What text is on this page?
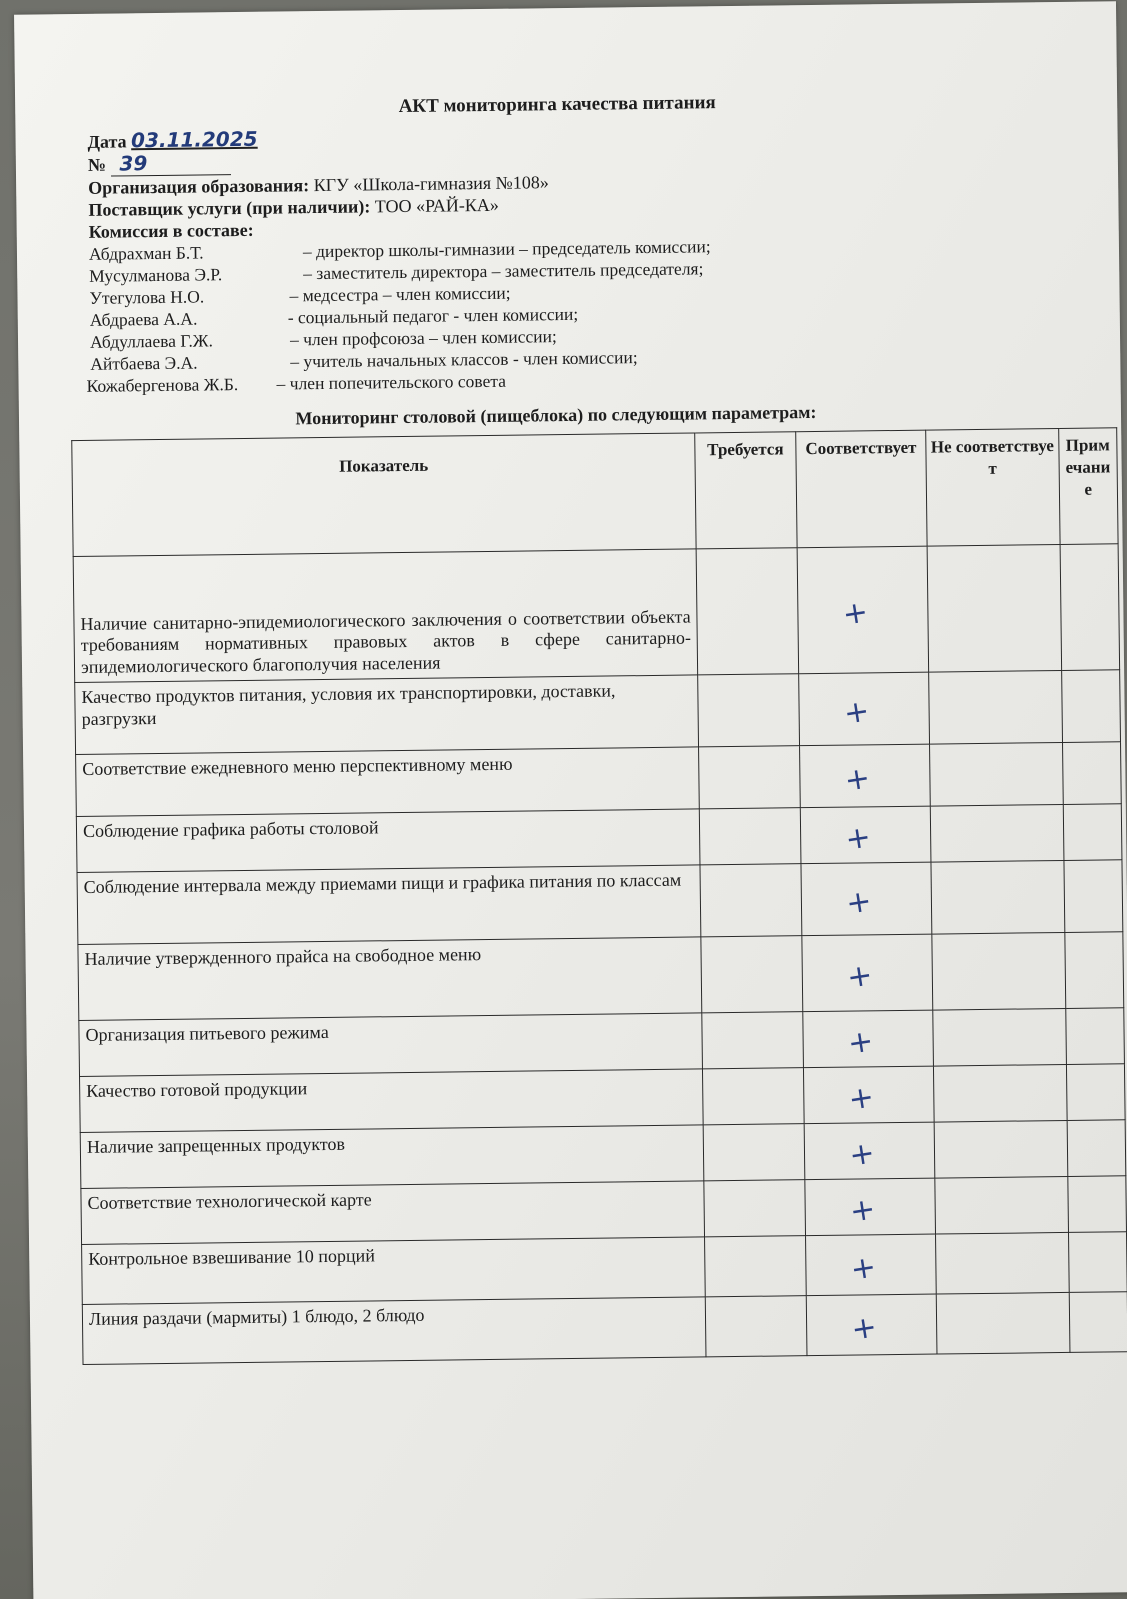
АКТ мониторинга качества питания
Дата 03.11.2025
№ 39
Организация образования: КГУ «Школа-гимназия №108»
Поставщик услуги (при наличии): ТОО «РАЙ-КА»
Комиссия в составе:
Абдрахман Б.Т.	– директор школы-гимназии – председатель комиссии;
Мусулманова Э.Р.	– заместитель директора – заместитель председателя;
Утегулова Н.О.	– медсестра – член комиссии;
Абдраева А.А.	- социальный педагог - член комиссии;
Абдуллаева Г.Ж.	– член профсоюза – член комиссии;
Айтбаева Э.А.	– учитель начальных классов - член комиссии;
Кожабергенова Ж.Б.	– член попечительского совета
Мониторинг столовой (пищеблока) по следующим параметрам:
Показатель	Требуется	Соответствует	Не соответствует	Примечание
Наличие санитарно-эпидемиологического заключения о соответствии объекта требованиям нормативных правовых актов в сфере санитарно-эпидемиологического благополучия населения		+		

Качество продуктов питания, условия их транспортировки, доставки, разгрузки		+		

Соответствие ежедневного меню перспективному меню		+		

Соблюдение графика работы столовой		+		

Соблюдение интервала между приемами пищи и графика питания по классам		+		

Наличие утвержденного прайса на свободное меню		+		

Организация питьевого режима		+		

Качество готовой продукции		+		

Наличие запрещенных продуктов		+		

Соответствие технологической карте		+		

Контрольное взвешивание 10 порций		+		

Линия раздачи (мармиты) 1 блюдо, 2 блюдо		+		
